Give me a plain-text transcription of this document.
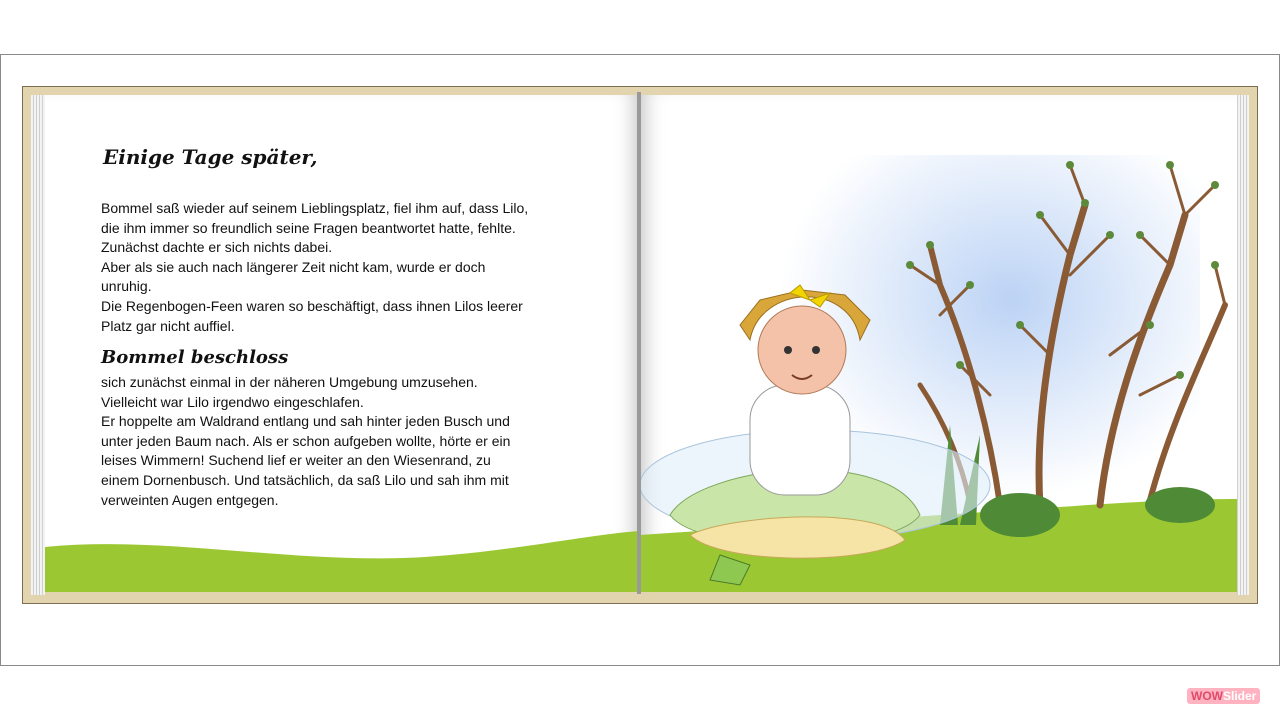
Einige Tage später,

Bommel saß wieder auf seinem Lieblingsplatz, fiel ihm auf, dass Lilo,
die ihm immer so freundlich seine Fragen beantwortet hatte, fehlte.
Zunächst dachte er sich nichts dabei.
Aber als sie auch nach längerer Zeit nicht kam, wurde er doch
unruhig.
Die Regenbogen-Feen waren so beschäftigt, dass ihnen Lilos leerer
Platz gar nicht auffiel.

Bommel beschloss

sich zunächst einmal in der näheren Umgebung umzusehen.
Vielleicht war Lilo irgendwo eingeschlafen.
Er hoppelte am Waldrand entlang und sah hinter jeden Busch und
unter jeden Baum nach. Als er schon aufgeben wollte, hörte er ein
leises Wimmern! Suchend lief er weiter an den Wiesenrand, zu
einem Dornenbusch. Und tatsächlich, da saß Lilo und sah ihm mit
verweinten Augen entgegen.

WOWSlider
